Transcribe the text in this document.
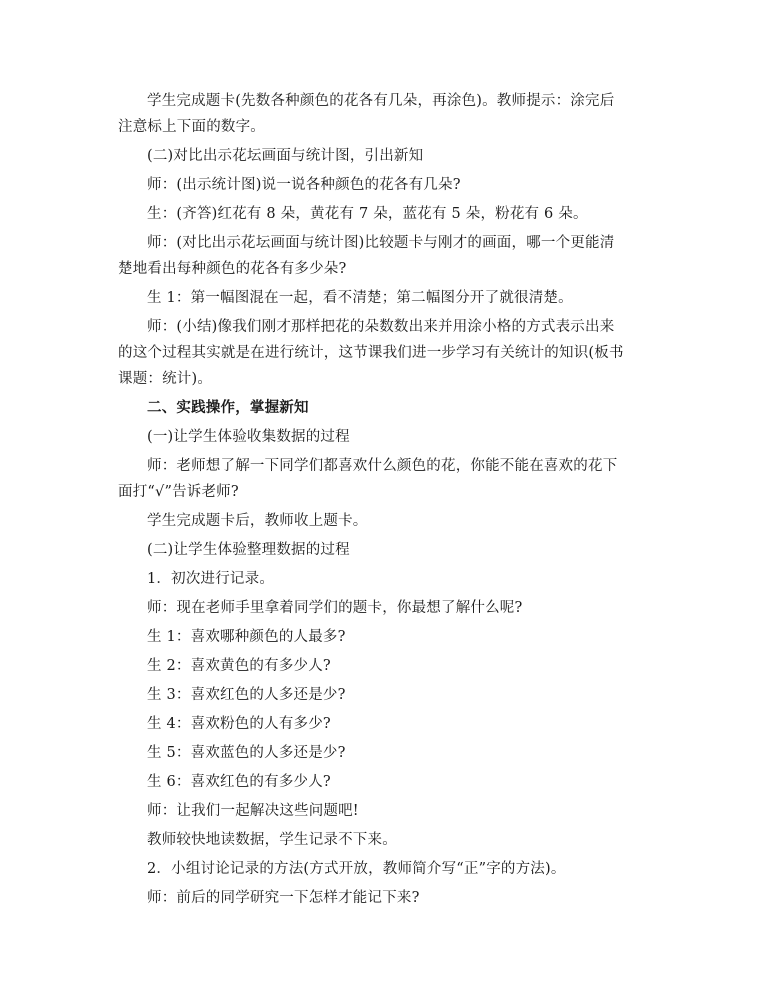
学生完成题卡(先数各种颜色的花各有几朵，再涂色)。教师提示：涂完后
注意标上下面的数字。
(二)对比出示花坛画面与统计图，引出新知
师：(出示统计图)说一说各种颜色的花各有几朵?
生：(齐答)红花有 8 朵，黄花有 7 朵，蓝花有 5 朵，粉花有 6 朵。
师：(对比出示花坛画面与统计图)比较题卡与刚才的画面，哪一个更能清
楚地看出每种颜色的花各有多少朵?
生 1：第一幅图混在一起，看不清楚；第二幅图分开了就很清楚。
师：(小结)像我们刚才那样把花的朵数数出来并用涂小格的方式表示出来
的这个过程其实就是在进行统计，这节课我们进一步学习有关统计的知识(板书
课题：统计)。
二、实践操作，掌握新知
(一)让学生体验收集数据的过程
师：老师想了解一下同学们都喜欢什么颜色的花，你能不能在喜欢的花下
面打“√”告诉老师?
学生完成题卡后，教师收上题卡。
(二)让学生体验整理数据的过程
1．初次进行记录。
师：现在老师手里拿着同学们的题卡，你最想了解什么呢?
生 1：喜欢哪种颜色的人最多?
生 2：喜欢黄色的有多少人?
生 3：喜欢红色的人多还是少?
生 4：喜欢粉色的人有多少?
生 5：喜欢蓝色的人多还是少?
生 6：喜欢红色的有多少人?
师：让我们一起解决这些问题吧!
教师较快地读数据，学生记录不下来。
2．小组讨论记录的方法(方式开放，教师简介写“正”字的方法)。
师：前后的同学研究一下怎样才能记下来?
